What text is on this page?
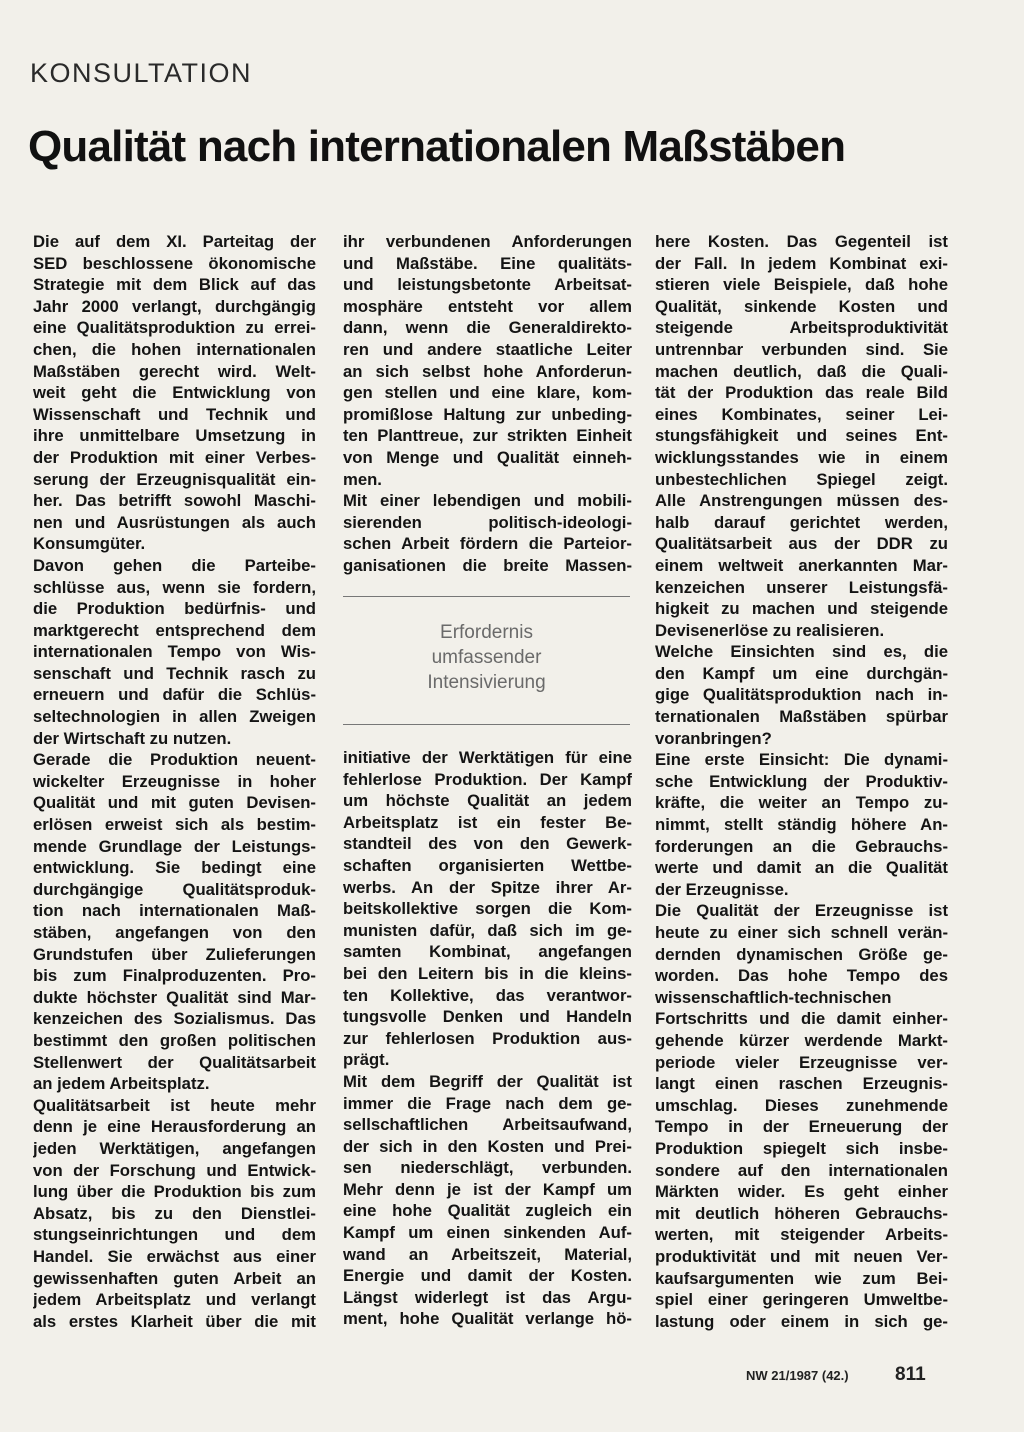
KONSULTATION
Qualität nach internationalen Maßstäben
Die auf dem XI. Parteitag der
SED beschlossene ökonomische
Strategie mit dem Blick auf das
Jahr 2000 verlangt, durchgängig
eine Qualitätsproduktion zu errei-
chen, die hohen internationalen
Maßstäben gerecht wird. Welt-
weit geht die Entwicklung von
Wissenschaft und Technik und
ihre unmittelbare Umsetzung in
der Produktion mit einer Verbes-
serung der Erzeugnisqualität ein-
her. Das betrifft sowohl Maschi-
nen und Ausrüstungen als auch
Konsumgüter.
Davon gehen die Parteibe-
schlüsse aus, wenn sie fordern,
die Produktion bedürfnis- und
marktgerecht entsprechend dem
internationalen Tempo von Wis-
senschaft und Technik rasch zu
erneuern und dafür die Schlüs-
seltechnologien in allen Zweigen
der Wirtschaft zu nutzen.
Gerade die Produktion neuent-
wickelter Erzeugnisse in hoher
Qualität und mit guten Devisen-
erlösen erweist sich als bestim-
mende Grundlage der Leistungs-
entwicklung. Sie bedingt eine
durchgängige Qualitätsproduk-
tion nach internationalen Maß-
stäben, angefangen von den
Grundstufen über Zulieferungen
bis zum Finalproduzenten. Pro-
dukte höchster Qualität sind Mar-
kenzeichen des Sozialismus. Das
bestimmt den großen politischen
Stellenwert der Qualitätsarbeit
an jedem Arbeitsplatz.
Qualitätsarbeit ist heute mehr
denn je eine Herausforderung an
jeden Werktätigen, angefangen
von der Forschung und Entwick-
lung über die Produktion bis zum
Absatz, bis zu den Dienstlei-
stungseinrichtungen und dem
Handel. Sie erwächst aus einer
gewissenhaften guten Arbeit an
jedem Arbeitsplatz und verlangt
als erstes Klarheit über die mit
ihr verbundenen Anforderungen
und Maßstäbe. Eine qualitäts-
und leistungsbetonte Arbeitsat-
mosphäre entsteht vor allem
dann, wenn die Generaldirekto-
ren und andere staatliche Leiter
an sich selbst hohe Anforderun-
gen stellen und eine klare, kom-
promißlose Haltung zur unbeding-
ten Planttreue, zur strikten Einheit
von Menge und Qualität einneh-
men.
Mit einer lebendigen und mobili-
sierenden politisch-ideologi-
schen Arbeit fördern die Parteior-
ganisationen die breite Massen-
Erfordernis
umfassender
Intensivierung
initiative der Werktätigen für eine
fehlerlose Produktion. Der Kampf
um höchste Qualität an jedem
Arbeitsplatz ist ein fester Be-
standteil des von den Gewerk-
schaften organisierten Wettbe-
werbs. An der Spitze ihrer Ar-
beitskollektive sorgen die Kom-
munisten dafür, daß sich im ge-
samten Kombinat, angefangen
bei den Leitern bis in die kleins-
ten Kollektive, das verantwor-
tungsvolle Denken und Handeln
zur fehlerlosen Produktion aus-
prägt.
Mit dem Begriff der Qualität ist
immer die Frage nach dem ge-
sellschaftlichen Arbeitsaufwand,
der sich in den Kosten und Prei-
sen niederschlägt, verbunden.
Mehr denn je ist der Kampf um
eine hohe Qualität zugleich ein
Kampf um einen sinkenden Auf-
wand an Arbeitszeit, Material,
Energie und damit der Kosten.
Längst widerlegt ist das Argu-
ment, hohe Qualität verlange hö-
here Kosten. Das Gegenteil ist
der Fall. In jedem Kombinat exi-
stieren viele Beispiele, daß hohe
Qualität, sinkende Kosten und
steigende Arbeitsproduktivität
untrennbar verbunden sind. Sie
machen deutlich, daß die Quali-
tät der Produktion das reale Bild
eines Kombinates, seiner Lei-
stungsfähigkeit und seines Ent-
wicklungsstandes wie in einem
unbestechlichen Spiegel zeigt.
Alle Anstrengungen müssen des-
halb darauf gerichtet werden,
Qualitätsarbeit aus der DDR zu
einem weltweit anerkannten Mar-
kenzeichen unserer Leistungsfä-
higkeit zu machen und steigende
Devisenerlöse zu realisieren.
Welche Einsichten sind es, die
den Kampf um eine durchgän-
gige Qualitätsproduktion nach in-
ternationalen Maßstäben spürbar
voranbringen?
Eine erste Einsicht: Die dynami-
sche Entwicklung der Produktiv-
kräfte, die weiter an Tempo zu-
nimmt, stellt ständig höhere An-
forderungen an die Gebrauchs-
werte und damit an die Qualität
der Erzeugnisse.
Die Qualität der Erzeugnisse ist
heute zu einer sich schnell verän-
dernden dynamischen Größe ge-
worden. Das hohe Tempo des
wissenschaftlich-technischen
Fortschritts und die damit einher-
gehende kürzer werdende Markt-
periode vieler Erzeugnisse ver-
langt einen raschen Erzeugnis-
umschlag. Dieses zunehmende
Tempo in der Erneuerung der
Produktion spiegelt sich insbe-
sondere auf den internationalen
Märkten wider. Es geht einher
mit deutlich höheren Gebrauchs-
werten, mit steigender Arbeits-
produktivität und mit neuen Ver-
kaufsargumenten wie zum Bei-
spiel einer geringeren Umweltbe-
lastung oder einem in sich ge-
NW 21/1987 (42.) 811
